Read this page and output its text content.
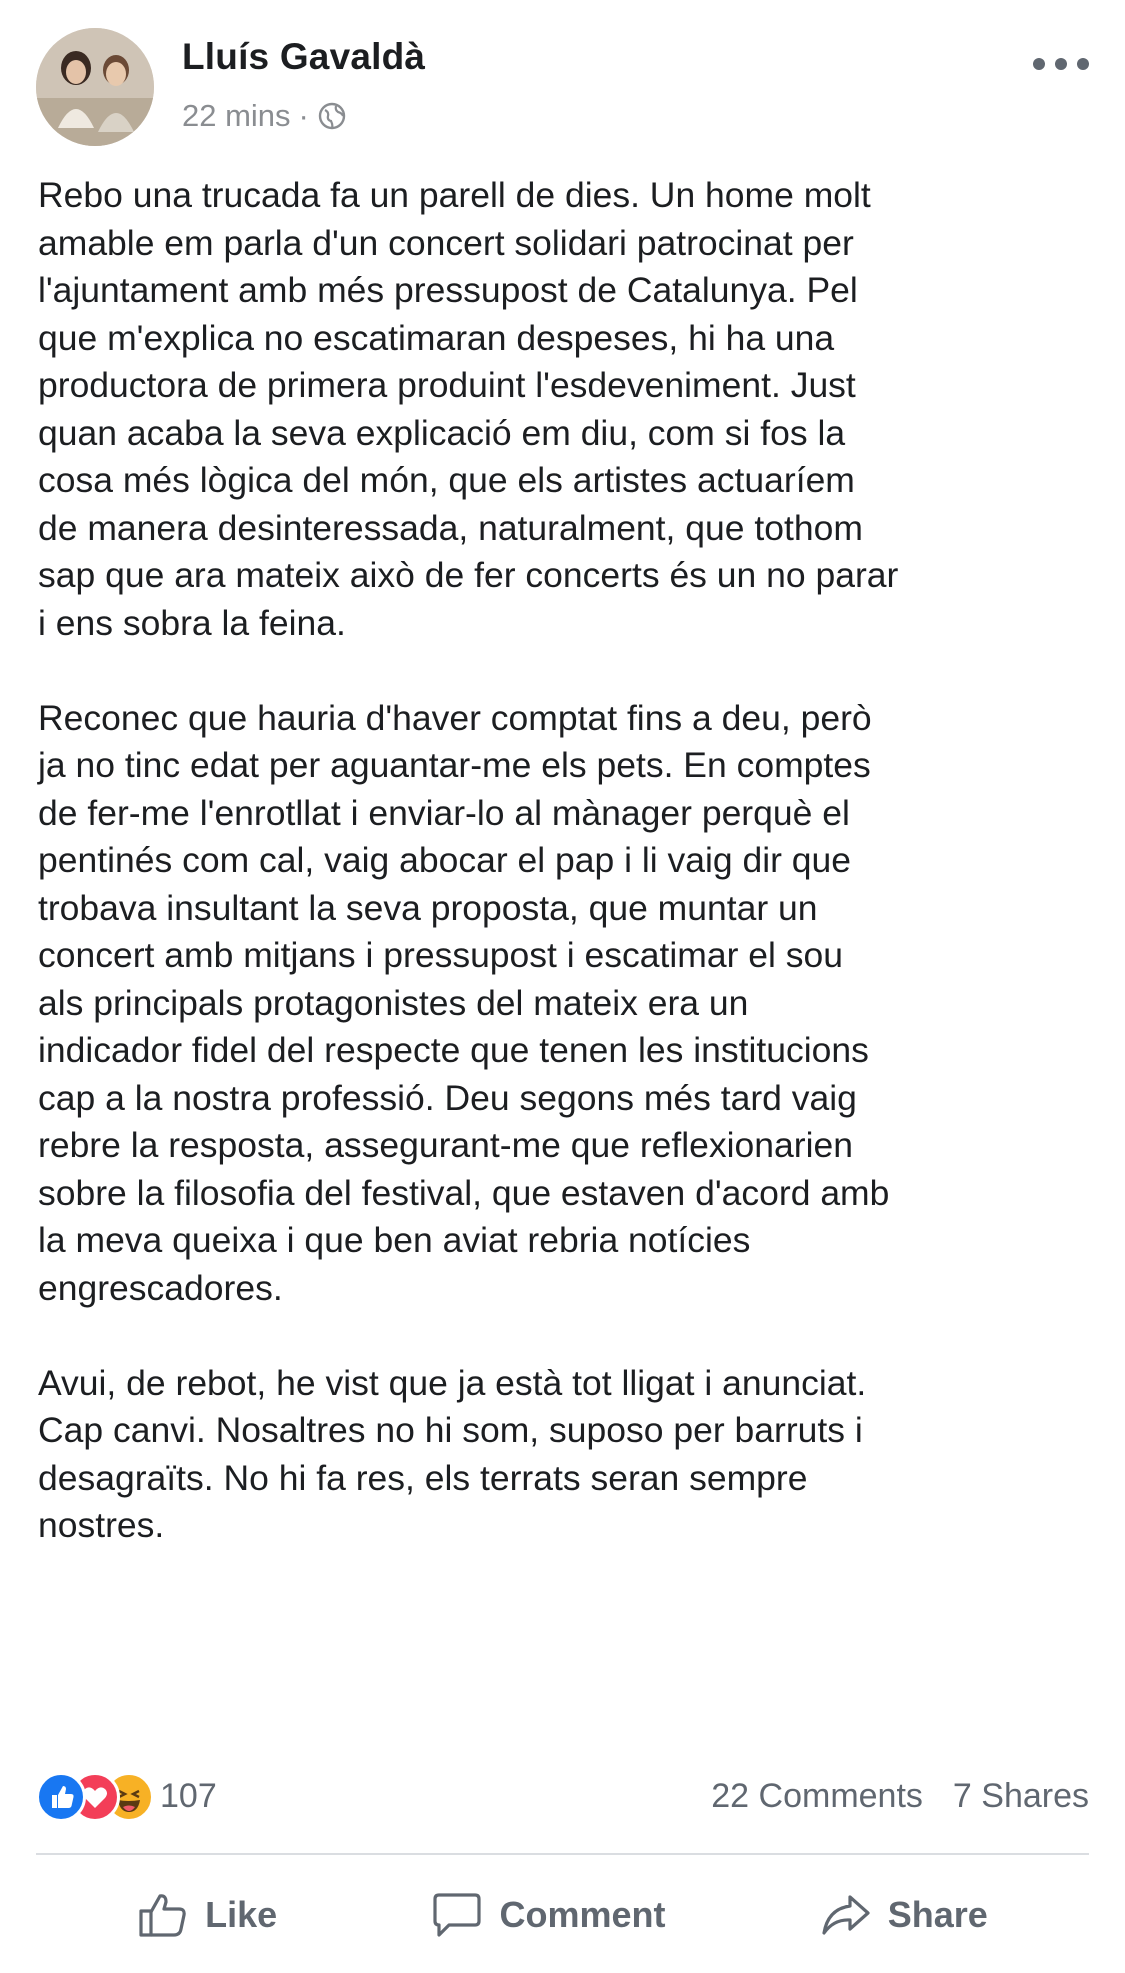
Lluís Gavaldà
22 mins ·

Rebo una trucada fa un parell de dies. Un home molt
amable em parla d'un concert solidari patrocinat per
l'ajuntament amb més pressupost de Catalunya. Pel
que m'explica no escatimaran despeses, hi ha una
productora de primera produint l'esdeveniment. Just
quan acaba la seva explicació em diu, com si fos la
cosa més lògica del món, que els artistes actuaríem
de manera desinteressada, naturalment, que tothom
sap que ara mateix això de fer concerts és un no parar
i ens sobra la feina.

Reconec que hauria d'haver comptat fins a deu, però
ja no tinc edat per aguantar-me els pets. En comptes
de fer-me l'enrotllat i enviar-lo al mànager perquè el
pentinés com cal, vaig abocar el pap i li vaig dir que
trobava insultant la seva proposta, que muntar un
concert amb mitjans i pressupost i escatimar el sou
als principals protagonistes del mateix era un
indicador fidel del respecte que tenen les institucions
cap a la nostra professió. Deu segons més tard vaig
rebre la resposta, assegurant-me que reflexionarien
sobre la filosofia del festival, que estaven d'acord amb
la meva queixa i que ben aviat rebria notícies
engrescadores.

Avui, de rebot, he vist que ja està tot lligat i anunciat.
Cap canvi. Nosaltres no hi som, suposo per barruts i
desagraïts. No hi fa res, els terrats seran sempre
nostres.

107	22 Comments 7 Shares
Like	Comment	Share
